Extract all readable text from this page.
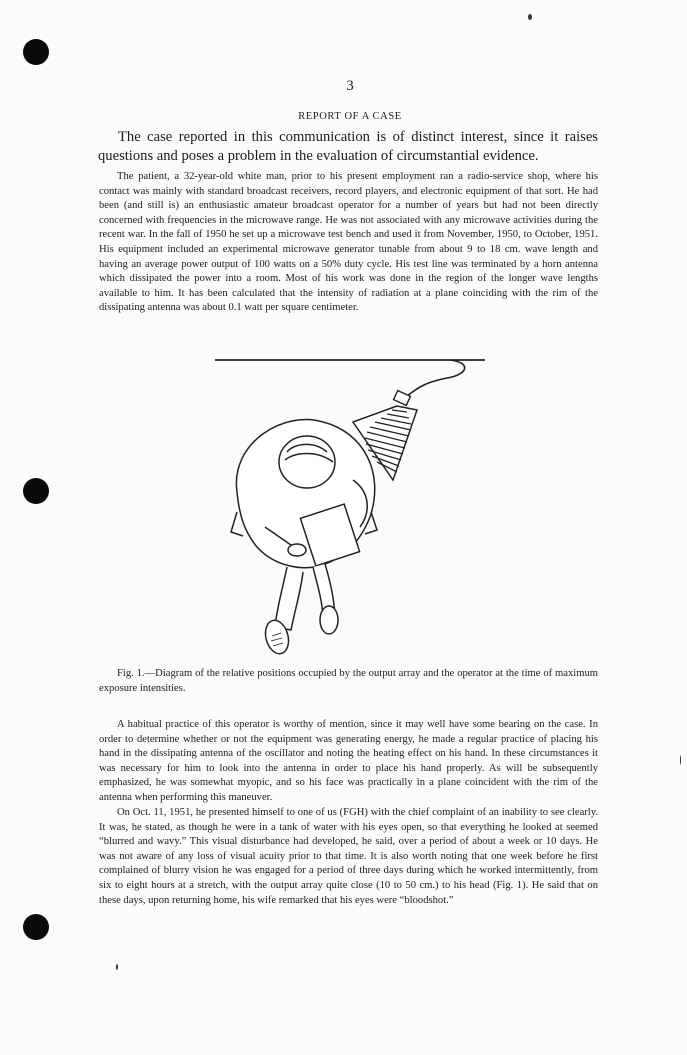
3
REPORT OF A CASE

The case reported in this communication is of distinct interest, since it raises questions and poses a problem in the evaluation of circumstantial evidence.

The patient, a 32-year-old white man, prior to his present employment ran a radio-service shop, where his contact was mainly with standard broadcast receivers, record players, and electronic equipment of that sort. He had been (and still is) an enthusiastic amateur broadcast operator for a number of years but had not been directly concerned with frequencies in the microwave range. He was not associated with any microwave activities during the recent war. In the fall of 1950 he set up a microwave test bench and used it from November, 1950, to October, 1951. His equipment included an experimental microwave generator tunable from about 9 to 18 cm. wave length and having an average power output of 100 watts on a 50% duty cycle. His test line was terminated by a horn antenna which dissipated the power into a room. Most of his work was done in the region of the longer wave lengths available to him. It has been calculated that the intensity of radiation at a plane coinciding with the rim of the dissipating antenna was about 0.1 watt per square centimeter.

Fig. 1.—Diagram of the relative positions occupied by the output array and the operator at the time of maximum exposure intensities.

A habitual practice of this operator is worthy of mention, since it may well have some bearing on the case. In order to determine whether or not the equipment was generating energy, he made a regular practice of placing his hand in the dissipating antenna of the oscillator and noting the heating effect on his hand. In these circumstances it was necessary for him to look into the antenna in order to place his hand properly. As will be subsequently emphasized, he was somewhat myopic, and so his face was practically in a plane coincident with the rim of the antenna when performing this maneuver.

On Oct. 11, 1951, he presented himself to one of us (FGH) with the chief complaint of an inability to see clearly. It was, he stated, as though he were in a tank of water with his eyes open, so that everything he looked at seemed “blurred and wavy.” This visual disturbance had developed, he said, over a period of about a week or 10 days. He was not aware of any loss of visual acuity prior to that time. It is also worth noting that one week before he first complained of blurry vision he was engaged for a period of three days during which he worked intermittently, from six to eight hours at a stretch, with the output array quite close (10 to 50 cm.) to his head (Fig. 1). He said that on these days, upon returning home, his wife remarked that his eyes were “bloodshot.”
